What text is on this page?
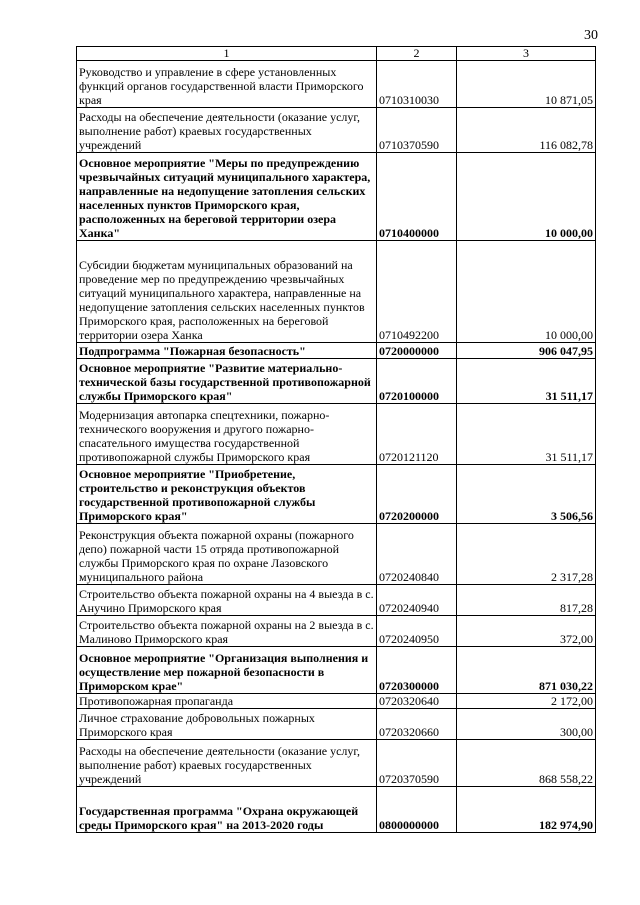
30
1	2	3
Руководство и управление в сфере установленных функций органов государственной власти Приморского края	0710310030	10 871,05
Расходы на обеспечение деятельности (оказание услуг, выполнение работ) краевых государственных учреждений	0710370590	116 082,78
Основное мероприятие "Меры по предупреждению чрезвычайных ситуаций муниципального характера, направленные на недопущение затопления сельских населенных пунктов Приморского края, расположенных на береговой территории озера Ханка"	0710400000	10 000,00
Субсидии бюджетам муниципальных образований на проведение мер по предупреждению чрезвычайных ситуаций муниципального характера, направленные на недопущение затопления сельских населенных пунктов Приморского края, расположенных на береговой территории озера Ханка	0710492200	10 000,00
Подпрограмма "Пожарная безопасность"	0720000000	906 047,95
Основное мероприятие "Развитие материально-технической базы государственной противопожарной службы Приморского края"	0720100000	31 511,17
Модернизация автопарка спецтехники, пожарно-технического вооружения и другого пожарно-спасательного имущества государственной противопожарной службы Приморского края	0720121120	31 511,17
Основное мероприятие "Приобретение, строительство и реконструкция объектов государственной противопожарной службы Приморского края"	0720200000	3 506,56
Реконструкция объекта пожарной охраны (пожарного депо) пожарной части 15 отряда противопожарной службы Приморского края по охране Лазовского муниципального района	0720240840	2 317,28
Строительство объекта пожарной охраны на 4 выезда в с. Анучино Приморского края	0720240940	817,28
Строительство объекта пожарной охраны на 2 выезда в с. Малиново Приморского края	0720240950	372,00
Основное мероприятие "Организация выполнения и осуществление мер пожарной безопасности в Приморском крае"	0720300000	871 030,22
Противопожарная пропаганда	0720320640	2 172,00
Личное страхование добровольных пожарных Приморского края	0720320660	300,00
Расходы на обеспечение деятельности (оказание услуг, выполнение работ) краевых государственных учреждений	0720370590	868 558,22
Государственная программа "Охрана окружающей среды Приморского края" на 2013-2020 годы	0800000000	182 974,90
